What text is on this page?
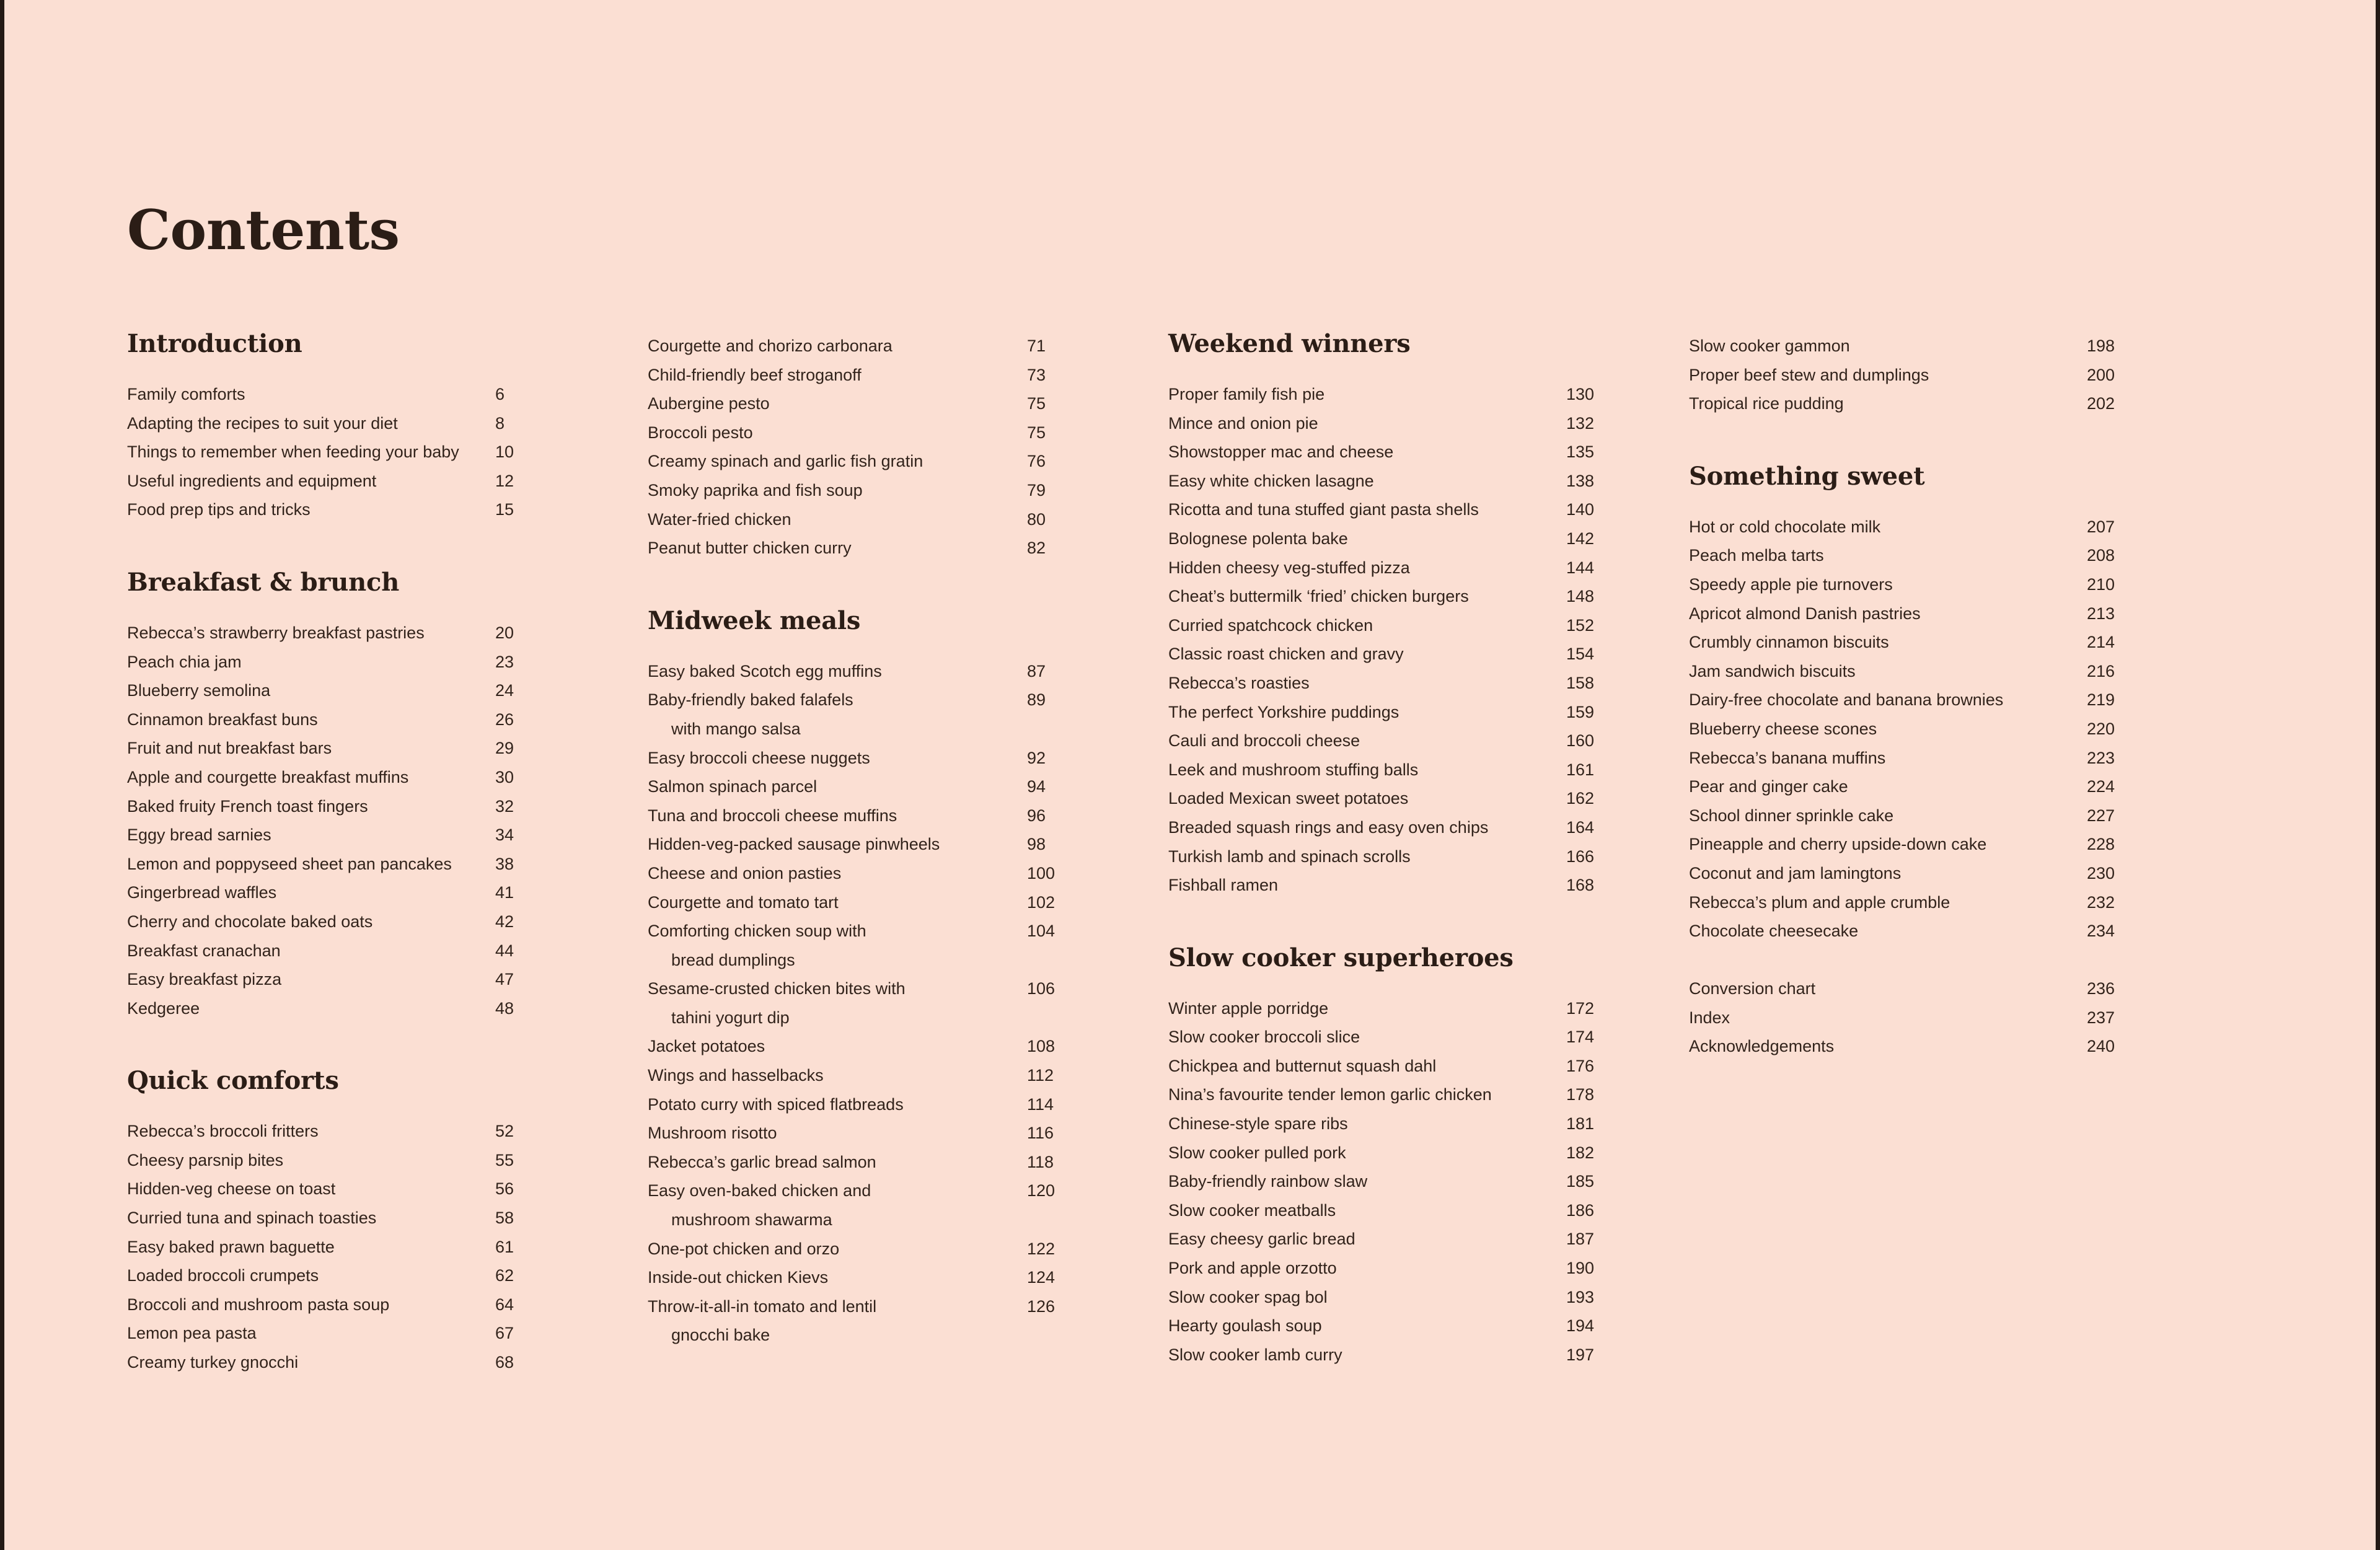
Contents
Introduction
Family comforts	6
Adapting the recipes to suit your diet	8
Things to remember when feeding your baby 10
Useful ingredients and equipment	12
Food prep tips and tricks	15
Breakfast & brunch
Rebecca’s strawberry breakfast pastries	20
Peach chia jam	23
Blueberry semolina	24
Cinnamon breakfast buns	26
Fruit and nut breakfast bars	29
Apple and courgette breakfast muffins	30
Baked fruity French toast fingers	32
Eggy bread sarnies	34
Lemon and poppyseed sheet pan pancakes	38
Gingerbread waffles	41
Cherry and chocolate baked oats	42
Breakfast cranachan	44
Easy breakfast pizza	47
Kedgeree	48
Quick comforts
Rebecca’s broccoli fritters	52
Cheesy parsnip bites	55
Hidden-veg cheese on toast	56
Curried tuna and spinach toasties	58
Easy baked prawn baguette	61
Loaded broccoli crumpets	62
Broccoli and mushroom pasta soup	64
Lemon pea pasta	67
Creamy turkey gnocchi	68
Courgette and chorizo carbonara	71
Child-friendly beef stroganoff	73
Aubergine pesto	75
Broccoli pesto	75
Creamy spinach and garlic fish gratin	76
Smoky paprika and fish soup	79
Water-fried chicken	80
Peanut butter chicken curry	82
Midweek meals
Easy baked Scotch egg muffins	87
Baby-friendly baked falafels	89
with mango salsa
Easy broccoli cheese nuggets	92
Salmon spinach parcel	94
Tuna and broccoli cheese muffins	96
Hidden-veg-packed sausage pinwheels	98
Cheese and onion pasties	100
Courgette and tomato tart	102
Comforting chicken soup with	104
bread dumplings
Sesame-crusted chicken bites with	106
tahini yogurt dip
Jacket potatoes	108
Wings and hasselbacks	112
Potato curry with spiced flatbreads	114
Mushroom risotto	116
Rebecca’s garlic bread salmon	118
Easy oven-baked chicken and	120
mushroom shawarma
One-pot chicken and orzo	122
Inside-out chicken Kievs	124
Throw-it-all-in tomato and lentil	126
gnocchi bake
Weekend winners
Proper family fish pie	130
Mince and onion pie	132
Showstopper mac and cheese	135
Easy white chicken lasagne	138
Ricotta and tuna stuffed giant pasta shells	140
Bolognese polenta bake	142
Hidden cheesy veg-stuffed pizza	144
Cheat’s buttermilk ‘fried’ chicken burgers	148
Curried spatchcock chicken	152
Classic roast chicken and gravy	154
Rebecca’s roasties	158
The perfect Yorkshire puddings	159
Cauli and broccoli cheese	160
Leek and mushroom stuffing balls	161
Loaded Mexican sweet potatoes	162
Breaded squash rings and easy oven chips	164
Turkish lamb and spinach scrolls	166
Fishball ramen	168
Slow cooker superheroes
Winter apple porridge	172
Slow cooker broccoli slice	174
Chickpea and butternut squash dahl	176
Nina’s favourite tender lemon garlic chicken	178
Chinese-style spare ribs	181
Slow cooker pulled pork	182
Baby-friendly rainbow slaw	185
Slow cooker meatballs	186
Easy cheesy garlic bread	187
Pork and apple orzotto	190
Slow cooker spag bol	193
Hearty goulash soup	194
Slow cooker lamb curry	197
Slow cooker gammon	198
Proper beef stew and dumplings	200
Tropical rice pudding	202
Something sweet
Hot or cold chocolate milk	207
Peach melba tarts	208
Speedy apple pie turnovers	210
Apricot almond Danish pastries	213
Crumbly cinnamon biscuits	214
Jam sandwich biscuits	216
Dairy-free chocolate and banana brownies	219
Blueberry cheese scones	220
Rebecca’s banana muffins	223
Pear and ginger cake	224
School dinner sprinkle cake	227
Pineapple and cherry upside-down cake	228
Coconut and jam lamingtons	230
Rebecca’s plum and apple crumble	232
Chocolate cheesecake	234
Conversion chart	236
Index	237
Acknowledgements	240
